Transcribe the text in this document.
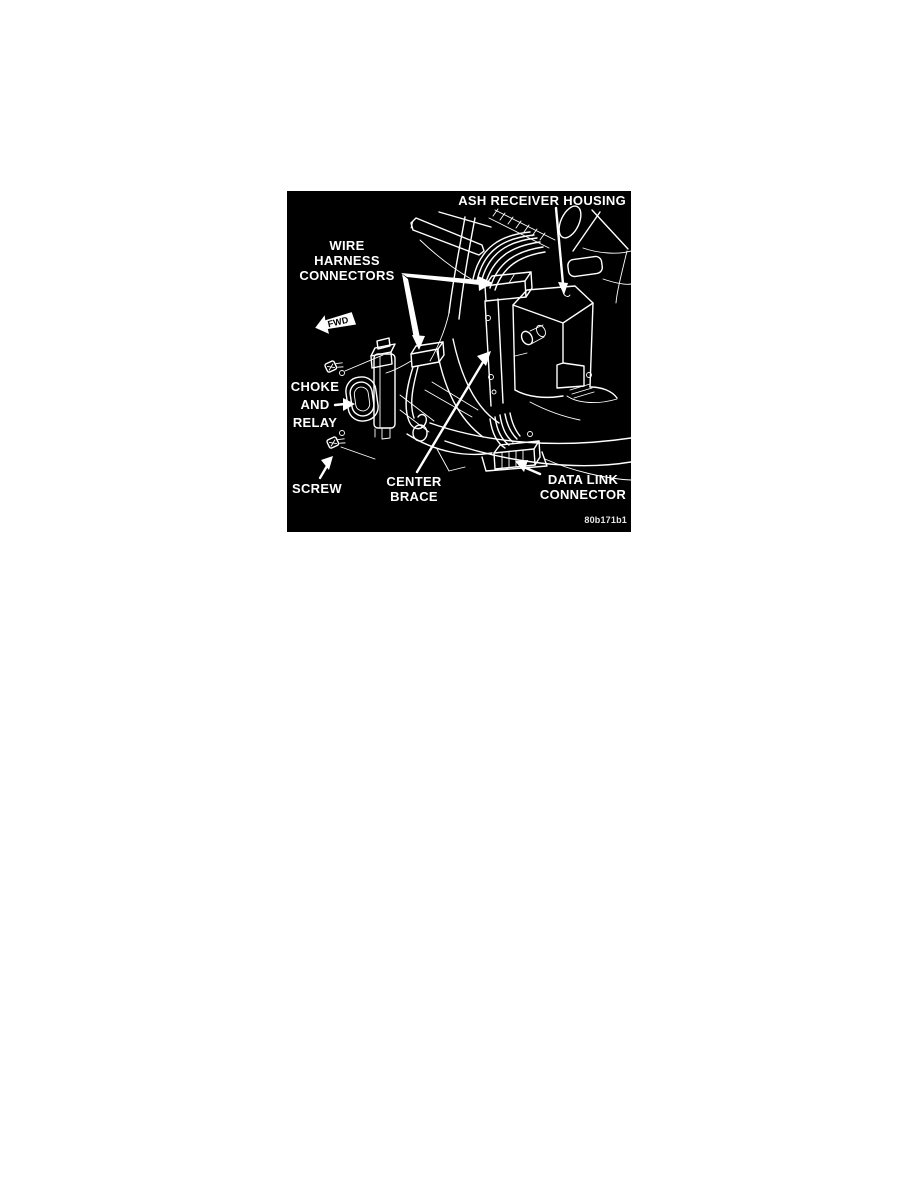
FWD
ASH RECEIVER HOUSING
WIRE
HARNESS
CONNECTORS
CHOKE
AND
RELAY
SCREW	CENTER
BRACE
DATA LINK
CONNECTOR
80b171b1
